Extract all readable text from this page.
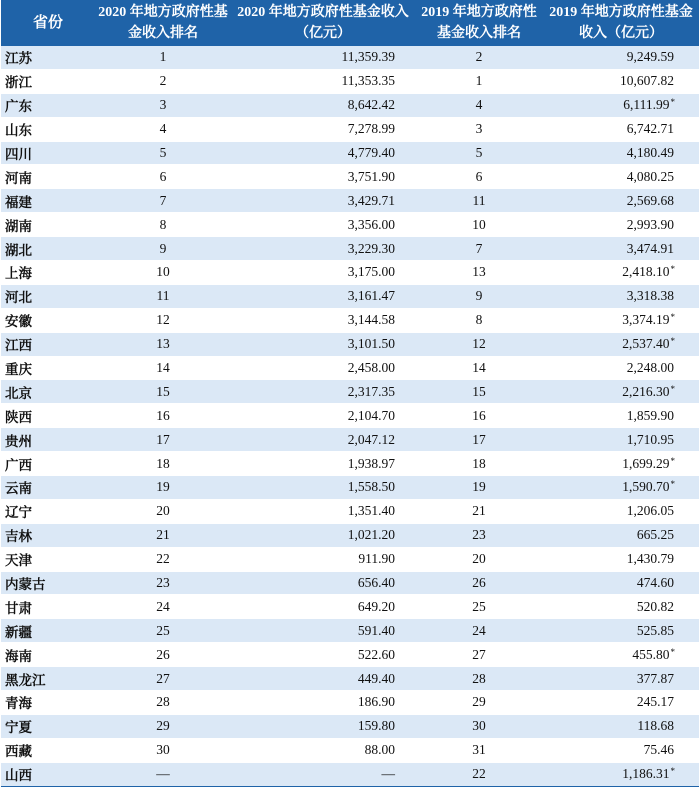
省份	2020 年地方政府性基金收入排名	2020 年地方政府性基金收入（亿元）	2019 年地方政府性基金收入排名	2019 年地方政府性基金收入（亿元）
江苏	1	11,359.39	2	9,249.59
浙江	2	11,353.35	1	10,607.82
广东	3	8,642.42	4	6,111.99*
山东	4	7,278.99	3	6,742.71
四川	5	4,779.40	5	4,180.49
河南	6	3,751.90	6	4,080.25
福建	7	3,429.71	11	2,569.68
湖南	8	3,356.00	10	2,993.90
湖北	9	3,229.30	7	3,474.91
上海	10	3,175.00	13	2,418.10*
河北	11	3,161.47	9	3,318.38
安徽	12	3,144.58	8	3,374.19*
江西	13	3,101.50	12	2,537.40*
重庆	14	2,458.00	14	2,248.00
北京	15	2,317.35	15	2,216.30*
陕西	16	2,104.70	16	1,859.90
贵州	17	2,047.12	17	1,710.95
广西	18	1,938.97	18	1,699.29*
云南	19	1,558.50	19	1,590.70*
辽宁	20	1,351.40	21	1,206.05
吉林	21	1,021.20	23	665.25
天津	22	911.90	20	1,430.79
内蒙古	23	656.40	26	474.60
甘肃	24	649.20	25	520.82
新疆	25	591.40	24	525.85
海南	26	522.60	27	455.80*
黑龙江	27	449.40	28	377.87
青海	28	186.90	29	245.17
宁夏	29	159.80	30	118.68
西藏	30	88.00	31	75.46
山西	—	—	22	1,186.31*
